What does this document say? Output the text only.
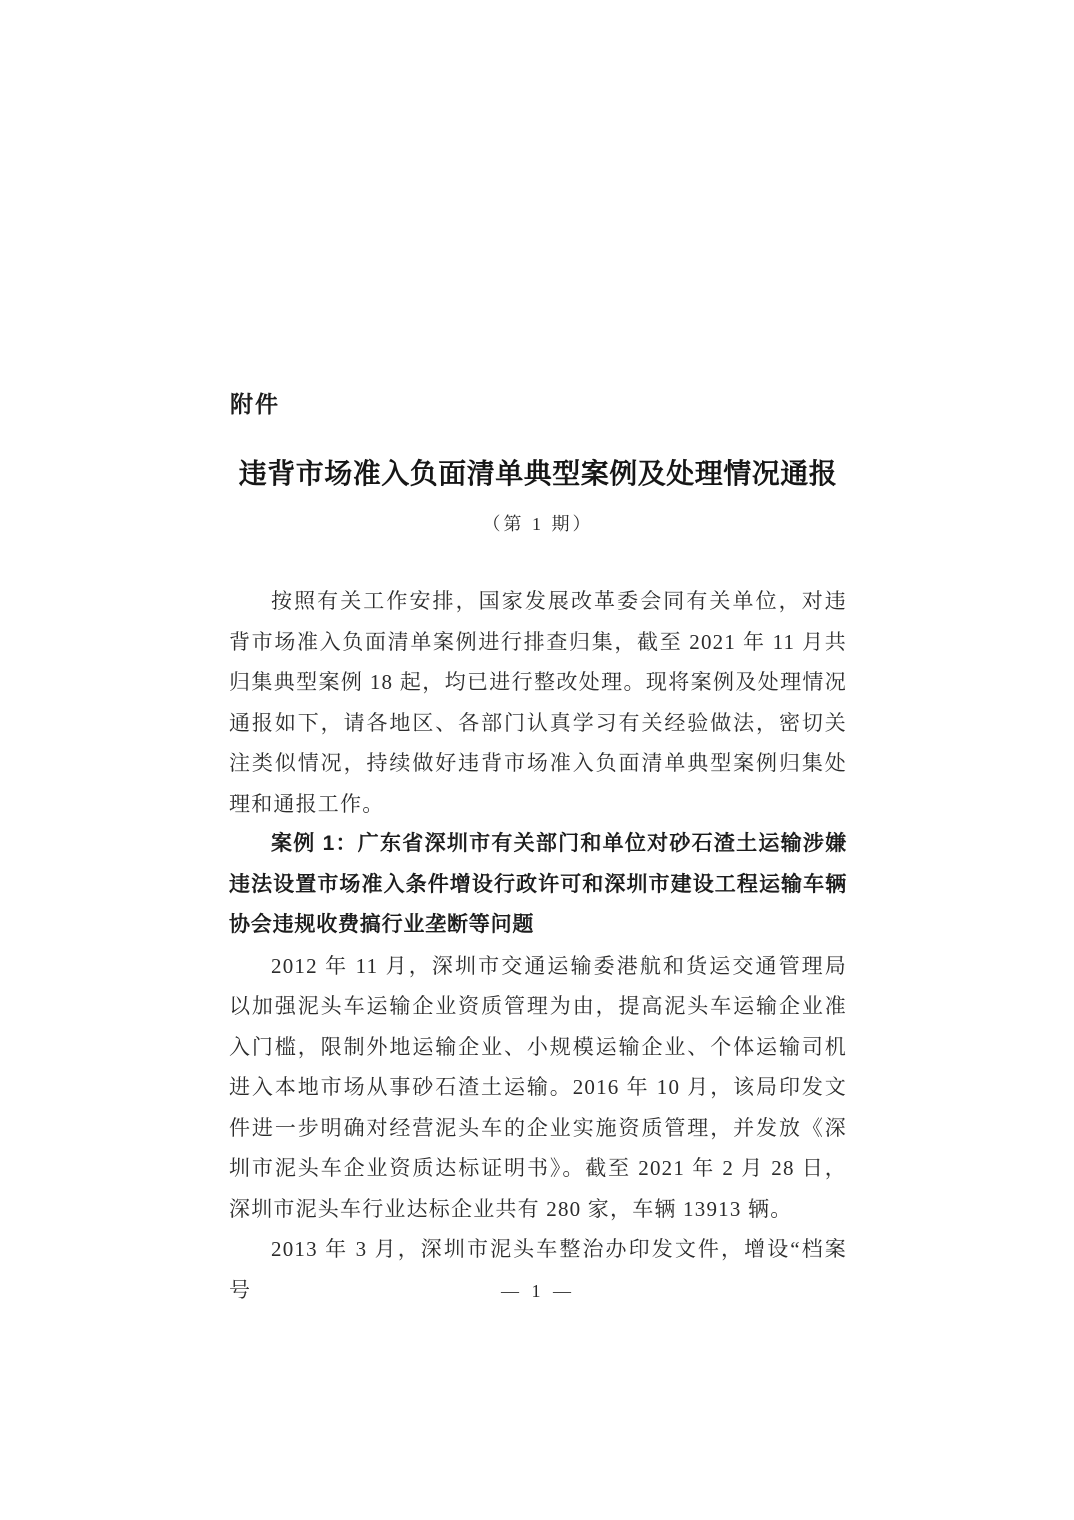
附件
违背市场准入负面清单典型案例及处理情况通报
（第 1 期）

按照有关工作安排，国家发展改革委会同有关单位，对违背市场准入负面清单案例进行排查归集，截至 2021 年 11 月共归集典型案例 18 起，均已进行整改处理。现将案例及处理情况通报如下，请各地区、各部门认真学习有关经验做法，密切关注类似情况，持续做好违背市场准入负面清单典型案例归集处理和通报工作。

案例 1：广东省深圳市有关部门和单位对砂石渣土运输涉嫌违法设置市场准入条件增设行政许可和深圳市建设工程运输车辆协会违规收费搞行业垄断等问题

2012 年 11 月，深圳市交通运输委港航和货运交通管理局以加强泥头车运输企业资质管理为由，提高泥头车运输企业准入门槛，限制外地运输企业、小规模运输企业、个体运输司机进入本地市场从事砂石渣土运输。2016 年 10 月，该局印发文件进一步明确对经营泥头车的企业实施资质管理，并发放《深圳市泥头车企业资质达标证明书》。截至 2021 年 2 月 28 日，深圳市泥头车行业达标企业共有 280 家，车辆 13913 辆。

2013 年 3 月，深圳市泥头车整治办印发文件，增设“档案号	— 1 —
